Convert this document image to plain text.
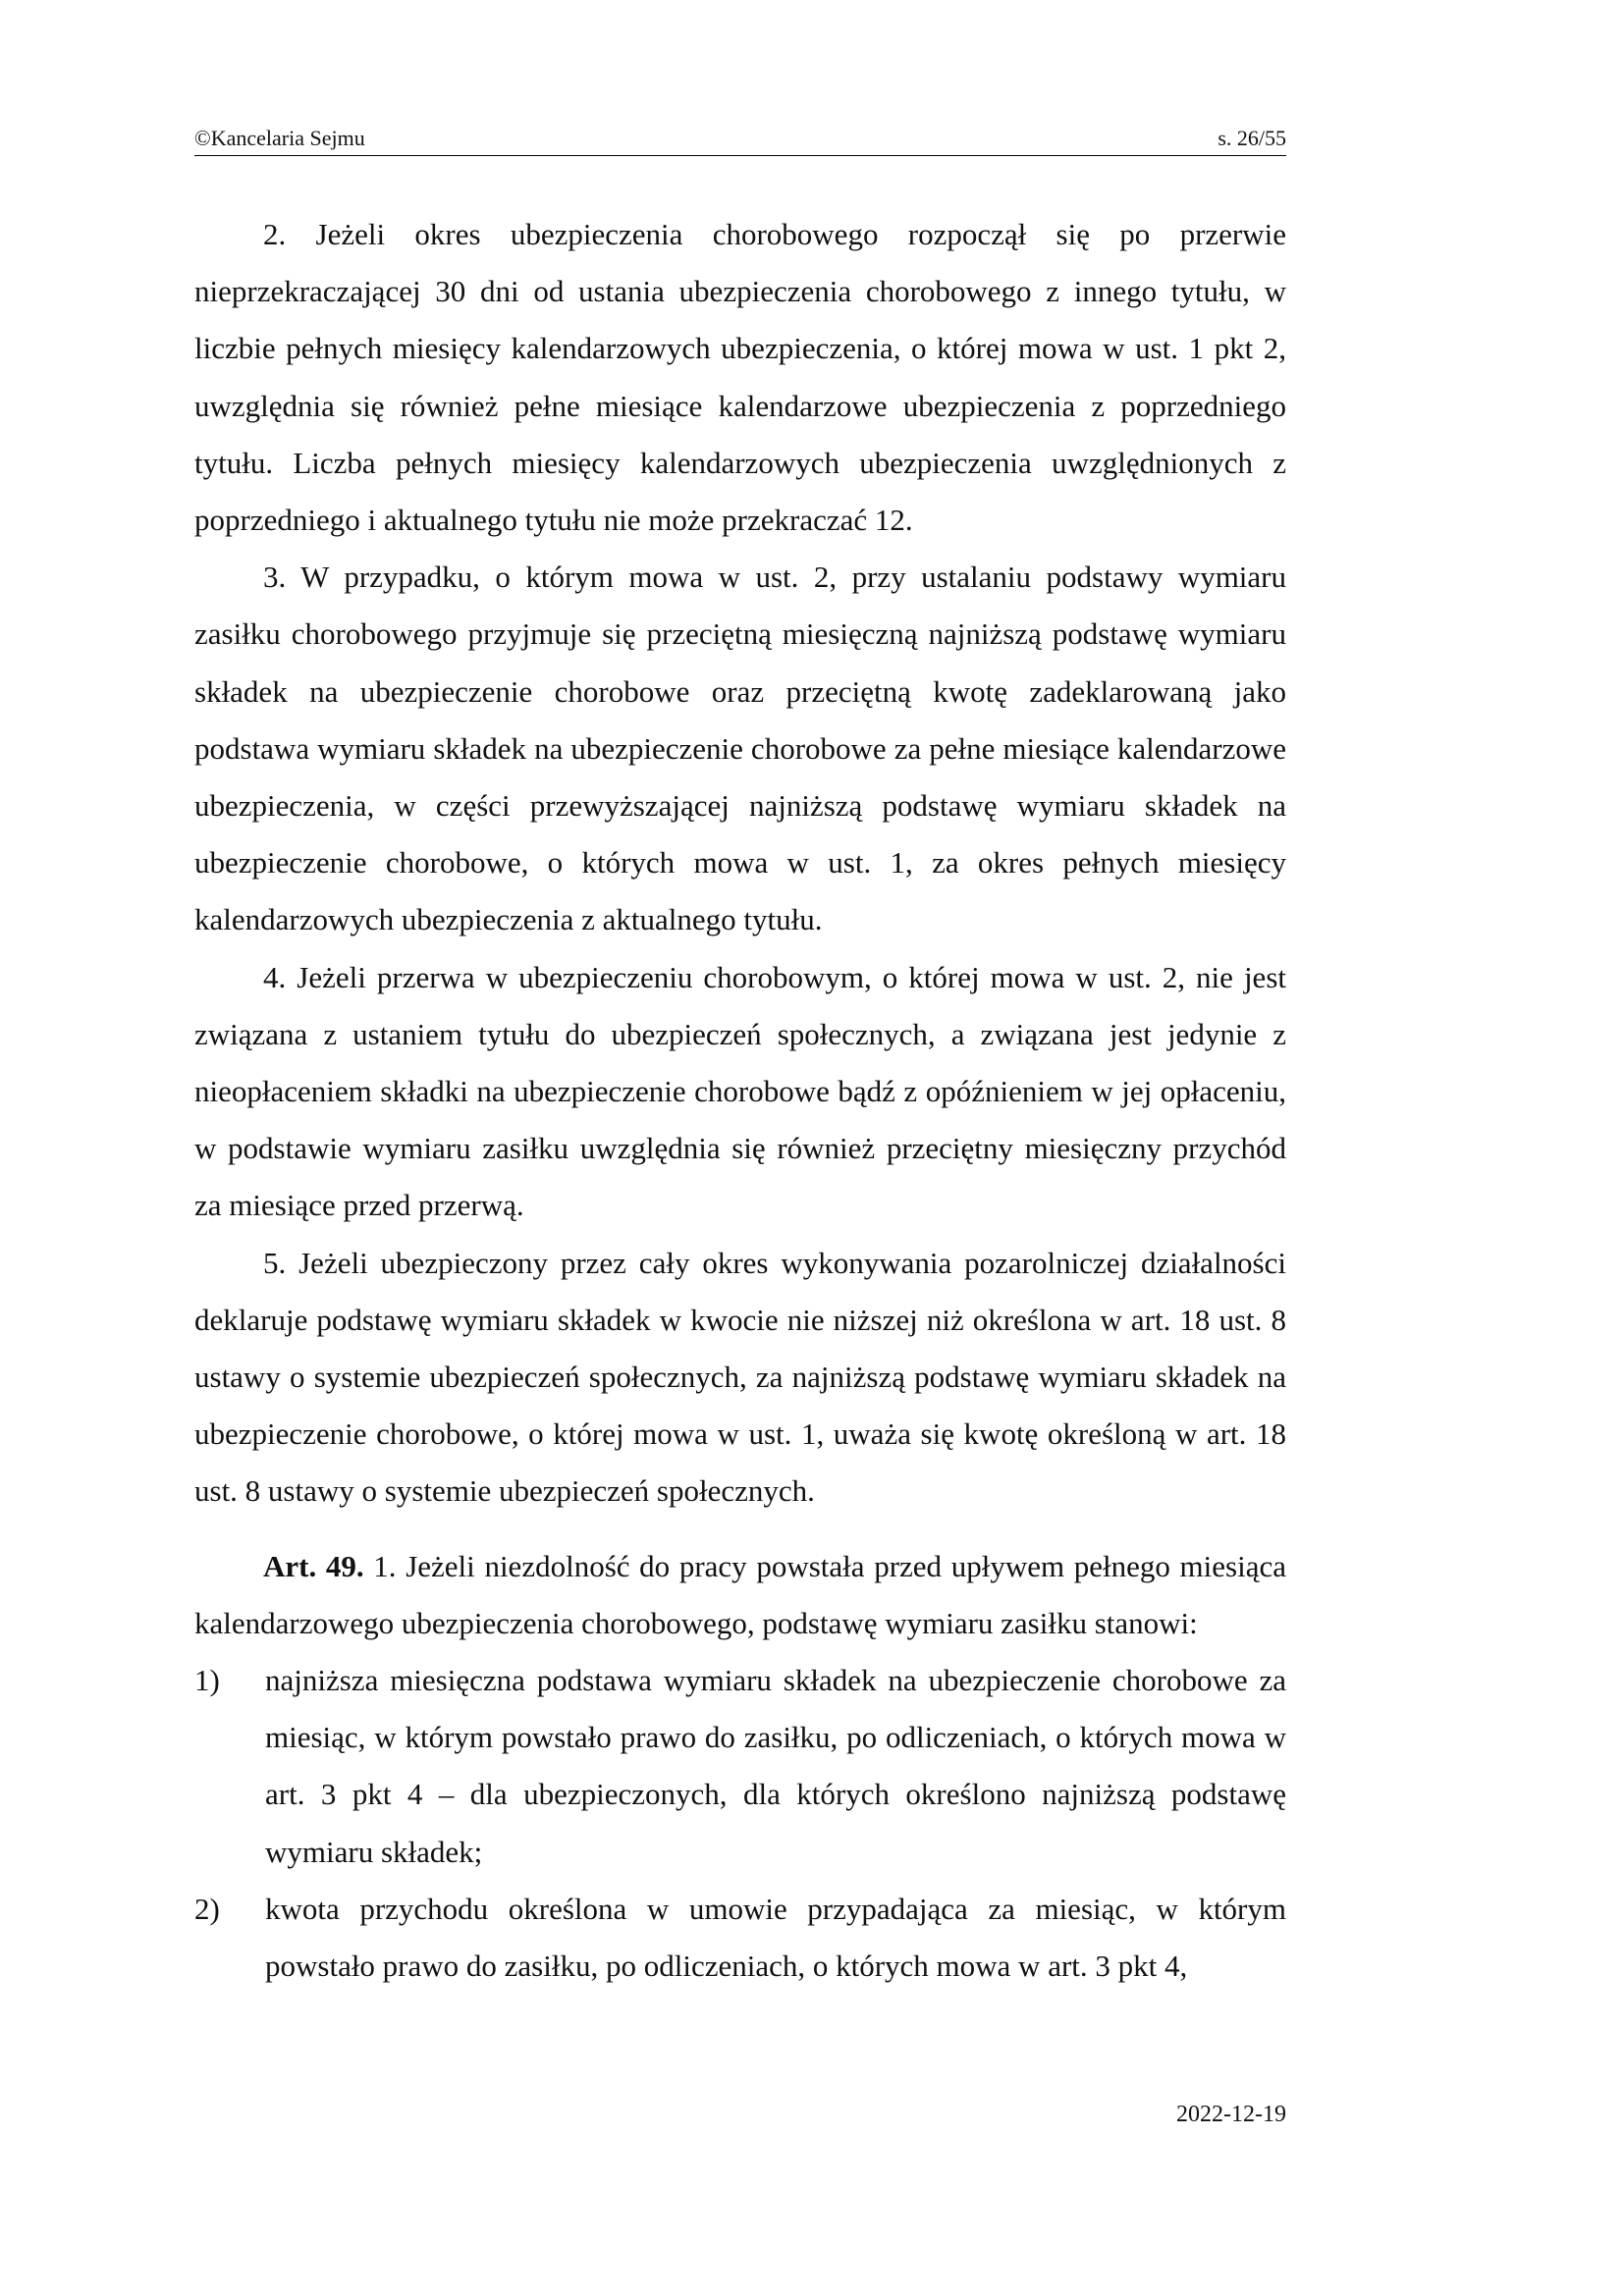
©Kancelaria Sejmu	s. 26/55

2. Jeżeli okres ubezpieczenia chorobowego rozpoczął się po przerwie nieprzekraczającej 30 dni od ustania ubezpieczenia chorobowego z innego tytułu, w liczbie pełnych miesięcy kalendarzowych ubezpieczenia, o której mowa w ust. 1 pkt 2, uwzględnia się również pełne miesiące kalendarzowe ubezpieczenia z poprzedniego tytułu. Liczba pełnych miesięcy kalendarzowych ubezpieczenia uwzględnionych z poprzedniego i aktualnego tytułu nie może przekraczać 12.

3. W przypadku, o którym mowa w ust. 2, przy ustalaniu podstawy wymiaru zasiłku chorobowego przyjmuje się przeciętną miesięczną najniższą podstawę wymiaru składek na ubezpieczenie chorobowe oraz przeciętną kwotę zadeklarowaną jako podstawa wymiaru składek na ubezpieczenie chorobowe za pełne miesiące kalendarzowe ubezpieczenia, w części przewyższającej najniższą podstawę wymiaru składek na ubezpieczenie chorobowe, o których mowa w ust. 1, za okres pełnych miesięcy kalendarzowych ubezpieczenia z aktualnego tytułu.

4. Jeżeli przerwa w ubezpieczeniu chorobowym, o której mowa w ust. 2, nie jest związana z ustaniem tytułu do ubezpieczeń społecznych, a związana jest jedynie z nieopłaceniem składki na ubezpieczenie chorobowe bądź z opóźnieniem w jej opłaceniu, w podstawie wymiaru zasiłku uwzględnia się również przeciętny miesięczny przychód za miesiące przed przerwą.

5. Jeżeli ubezpieczony przez cały okres wykonywania pozarolniczej działalności deklaruje podstawę wymiaru składek w kwocie nie niższej niż określona w art. 18 ust. 8 ustawy o systemie ubezpieczeń społecznych, za najniższą podstawę wymiaru składek na ubezpieczenie chorobowe, o której mowa w ust. 1, uważa się kwotę określoną w art. 18 ust. 8 ustawy o systemie ubezpieczeń społecznych.

Art. 49. 1. Jeżeli niezdolność do pracy powstała przed upływem pełnego miesiąca kalendarzowego ubezpieczenia chorobowego, podstawę wymiaru zasiłku stanowi:

1) najniższa miesięczna podstawa wymiaru składek na ubezpieczenie chorobowe za miesiąc, w którym powstało prawo do zasiłku, po odliczeniach, o których mowa w art. 3 pkt 4 – dla ubezpieczonych, dla których określono najniższą podstawę wymiaru składek;

2) kwota przychodu określona w umowie przypadająca za miesiąc, w którym powstało prawo do zasiłku, po odliczeniach, o których mowa w art. 3 pkt 4,

2022-12-19
